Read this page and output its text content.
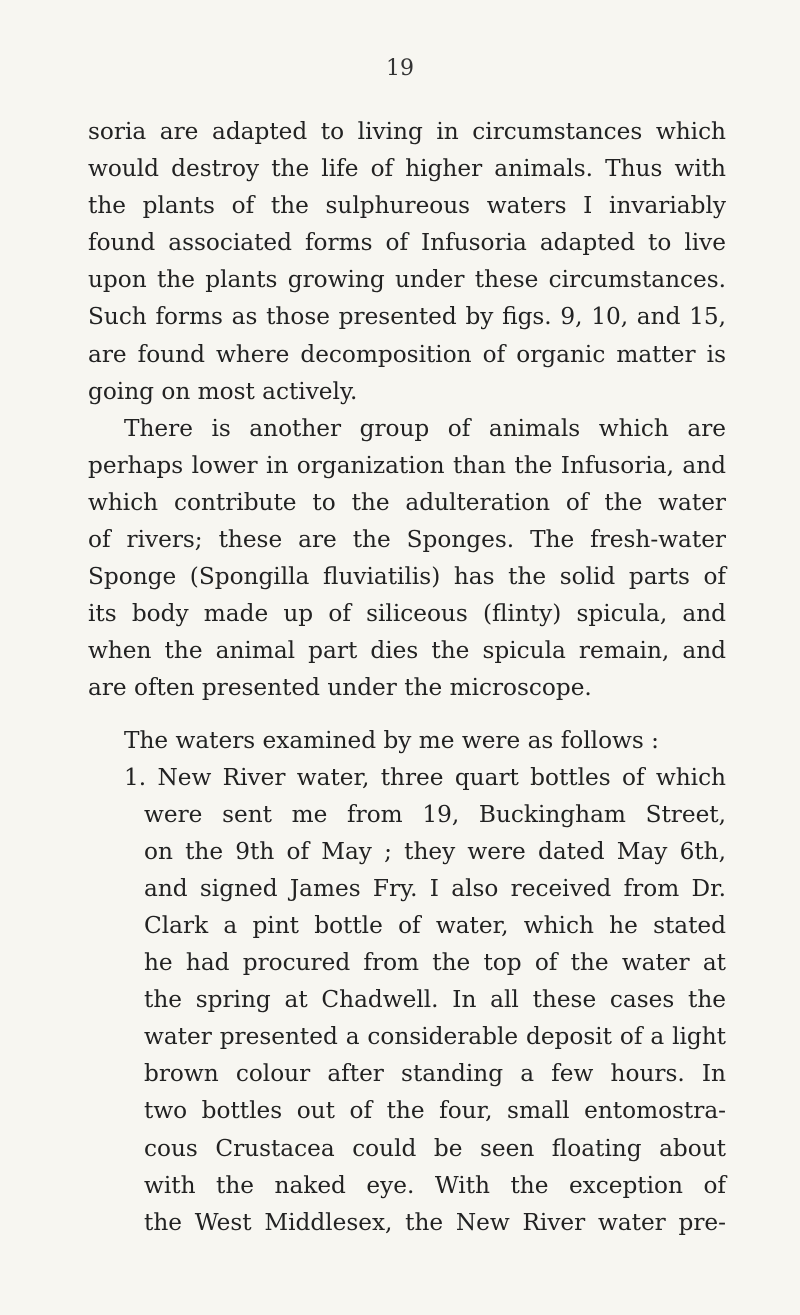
19
soria are adapted to living in circumstances which
would destroy the life of higher animals. Thus with
the plants of the sulphureous waters I invariably
found associated forms of Infusoria adapted to live
upon the plants growing under these circumstances.
Such forms as those presented by figs. 9, 10, and 15,
are found where decomposition of organic matter is
going on most actively.
There is another group of animals which are
perhaps lower in organization than the Infusoria, and
which contribute to the adulteration of the water
of rivers; these are the Sponges. The fresh-water
Sponge (Spongilla fluviatilis) has the solid parts of
its body made up of siliceous (flinty) spicula, and
when the animal part dies the spicula remain, and
are often presented under the microscope.
The waters examined by me were as follows :
1. New River water, three quart bottles of which
were sent me from 19, Buckingham Street,
on the 9th of May ; they were dated May 6th,
and signed James Fry. I also received from Dr.
Clark a pint bottle of water, which he stated
he had procured from the top of the water at
the spring at Chadwell. In all these cases the
water presented a considerable deposit of a light
brown colour after standing a few hours. In
two bottles out of the four, small entomostra-
cous Crustacea could be seen floating about
with the naked eye. With the exception of
the West Middlesex, the New River water pre-
